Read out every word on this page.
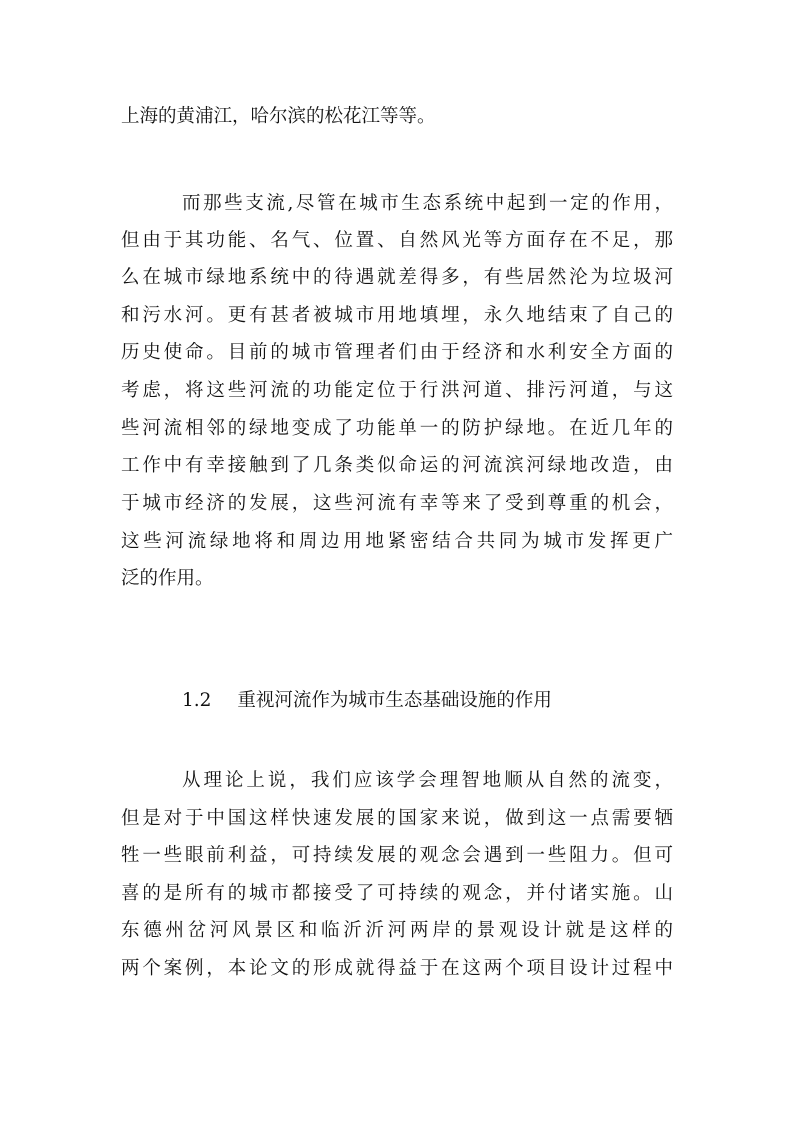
上海的黄浦江，哈尔滨的松花江等等。
而那些支流,尽管在城市生态系统中起到一定的作用，
但由于其功能、名气、位置、自然风光等方面存在不足，那
么在城市绿地系统中的待遇就差得多，有些居然沦为垃圾河
和污水河。更有甚者被城市用地填埋，永久地结束了自己的
历史使命。目前的城市管理者们由于经济和水利安全方面的
考虑，将这些河流的功能定位于行洪河道、排污河道，与这
些河流相邻的绿地变成了功能单一的防护绿地。在近几年的
工作中有幸接触到了几条类似命运的河流滨河绿地改造，由
于城市经济的发展，这些河流有幸等来了受到尊重的机会，
这些河流绿地将和周边用地紧密结合共同为城市发挥更广
泛的作用。
1.2 重视河流作为城市生态基础设施的作用
从理论上说，我们应该学会理智地顺从自然的流变，
但是对于中国这样快速发展的国家来说，做到这一点需要牺
牲一些眼前利益，可持续发展的观念会遇到一些阻力。但可
喜的是所有的城市都接受了可持续的观念，并付诸实施。山
东德州岔河风景区和临沂沂河两岸的景观设计就是这样的
两个案例，本论文的形成就得益于在这两个项目设计过程中
